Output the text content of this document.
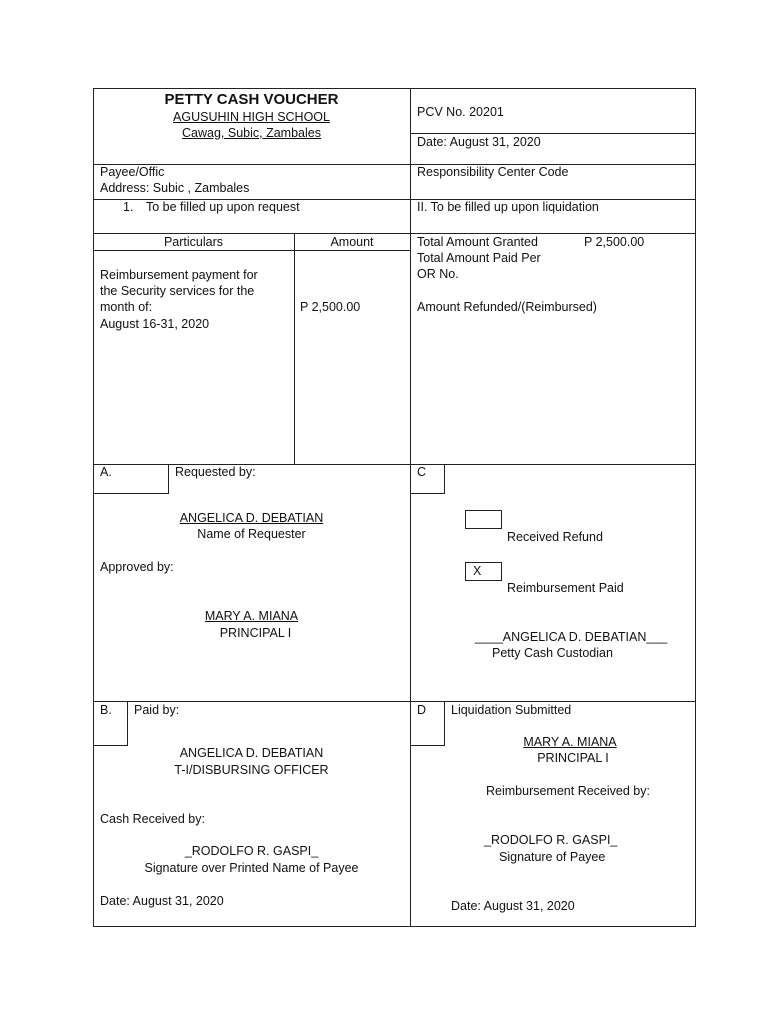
PETTY CASH VOUCHER
AGUSUHIN HIGH SCHOOL
Cawag, Subic, Zambales
PCV No. 20201
Date: August 31, 2020
Payee/Offic
Address: Subic , Zambales
Responsibility Center Code
1. To be filled up upon request	II. To be filled up upon liquidation
Particulars	Amount
Reimbursement payment for
the Security services for the
month of:
August 16-31, 2020
P 2,500.00
Total Amount Granted	P 2,500.00
Total Amount Paid Per
OR No.
Amount Refunded/(Reimbursed)
A.	Requested by:
ANGELICA D. DEBATIAN
Name of Requester
Approved by:
MARY A. MIANA
PRINCIPAL I
C
Received Refund
X
Reimbursement Paid
____ANGELICA D. DEBATIAN___
Petty Cash Custodian
B. Paid by:
ANGELICA D. DEBATIAN
T-I/DISBURSING OFFICER
Cash Received by:
_RODOLFO R. GASPI_
Signature over Printed Name of Payee
Date: August 31, 2020
D Liquidation Submitted
MARY A. MIANA
PRINCIPAL I
Reimbursement Received by:
_RODOLFO R. GASPI_
Signature of Payee
Date: August 31, 2020
